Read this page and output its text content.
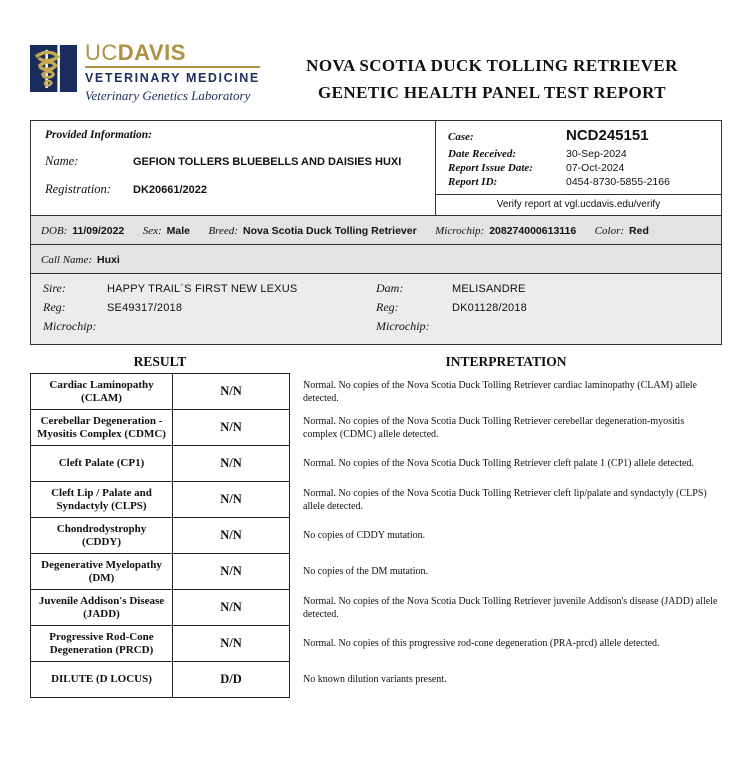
UCDAVIS
VETERINARY MEDICINE
Veterinary Genetics Laboratory
NOVA SCOTIA DUCK TOLLING RETRIEVER
GENETIC HEALTH PANEL TEST REPORT
Provided Information:
Name:	GEFION TOLLERS BLUEBELLS AND DAISIES HUXI
Registration:	DK20661/2022
Case:	NCD245151
Date Received:	30-Sep-2024
Report Issue Date:	07-Oct-2024
Report ID:	0454-8730-5855-2166
Verify report at vgl.ucdavis.edu/verify
DOB: 11/09/2022
Sex: Male
Breed: Nova Scotia Duck Tolling Retriever
Microchip: 208274000613116
Color: Red
Call Name: Huxi
Sire:	HAPPY TRAIL´S FIRST NEW LEXUS
Reg:	SE49317/2018
Microchip:
Dam:	MELISANDRE
Reg:	DK01128/2018
Microchip:
RESULT	INTERPRETATION
Cardiac Laminopathy (CLAM)	N/N	Normal. No copies of the Nova Scotia Duck Tolling Retriever cardiac laminopathy (CLAM) allele detected.
Cerebellar Degeneration - Myositis Complex (CDMC)	N/N	Normal. No copies of the Nova Scotia Duck Tolling Retriever cerebellar degeneration-myositis complex (CDMC) allele detected.
Cleft Palate (CP1)	N/N	Normal. No copies of the Nova Scotia Duck Tolling Retriever cleft palate 1 (CP1) allele detected.
Cleft Lip / Palate and Syndactyly (CLPS)	N/N	Normal. No copies of the Nova Scotia Duck Tolling Retriever cleft lip/palate and syndactyly (CLPS) allele detected.
Chondrodystrophy (CDDY)	N/N	No copies of CDDY mutation.
Degenerative Myelopathy (DM)	N/N	No copies of the DM mutation.
Juvenile Addison's Disease (JADD)	N/N	Normal. No copies of the Nova Scotia Duck Tolling Retriever juvenile Addison's disease (JADD) allele detected.
Progressive Rod-Cone Degeneration (PRCD)	N/N	Normal. No copies of this progressive rod-cone degeneration (PRA-prcd) allele detected.
DILUTE (D LOCUS)	D/D	No known dilution variants present.
